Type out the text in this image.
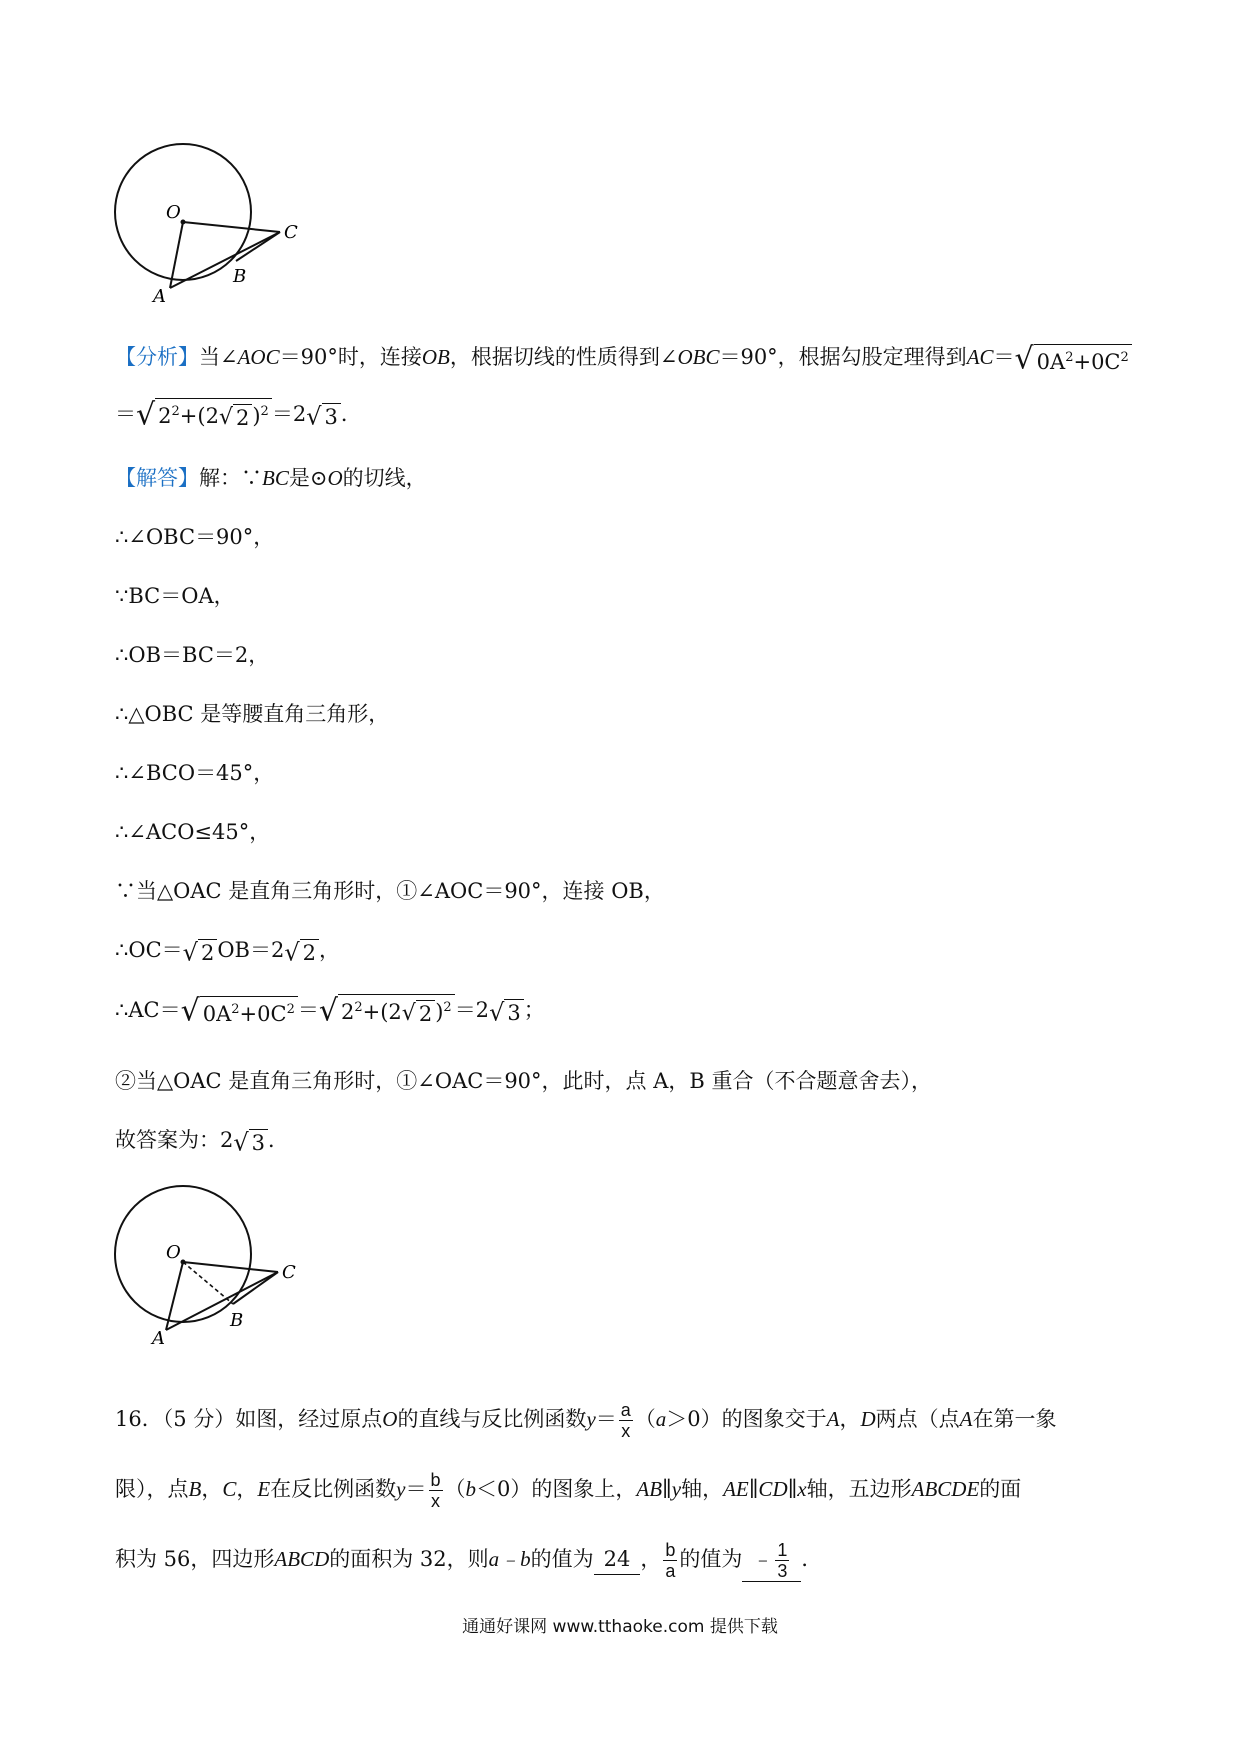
O
C
B
A
【分析】当∠AOC＝90°时，连接OB，根据切线的性质得到∠OBC＝90°，根据勾股定理得到AC＝√ $0A^2+0C^2$
＝√ $2^2+(2√$ 2 )$^2$ ＝2√ 3 ．
【解答】解：∵BC是⊙O的切线，
∴∠OBC＝90°，
∵BC＝OA，
∴OB＝BC＝2，
∴△OBC 是等腰直角三角形，
∴∠BCO＝45°，
∴∠ACO≤45°，
∵当△OAC 是直角三角形时，①∠AOC＝90°，连接 OB，
∴OC＝√ 2 OB＝2√ 2 ，
∴AC＝√ $0A^2+0C^2$ ＝√ $2^2+(2√$ 2 )$^2$ ＝2√ 3 ；
②当△OAC 是直角三角形时，①∠OAC＝90°，此时，点 A，B 重合（不合题意舍去），
故答案为：2√ 3 ．
O
C
B
A
16．（5 分）如图，经过原点O的直线与反比例函数$y= \frac{a}{x} (a>0)$的图象交于A，D两点（点A在第一象
限），点B，C，E在反比例函数$y= \frac{b}{x} (b<0)$的图象上，AB∥y轴，AE∥CD∥x轴，五边形ABCDE的面
积为 56，四边形ABCD的面积为 32，则a﹣b的值为 24 ， $\frac{b}{a}$ 的值为 ﹣ $\frac{1}{3}$ ．
通通好课网 www.tthaoke.com 提供下载
